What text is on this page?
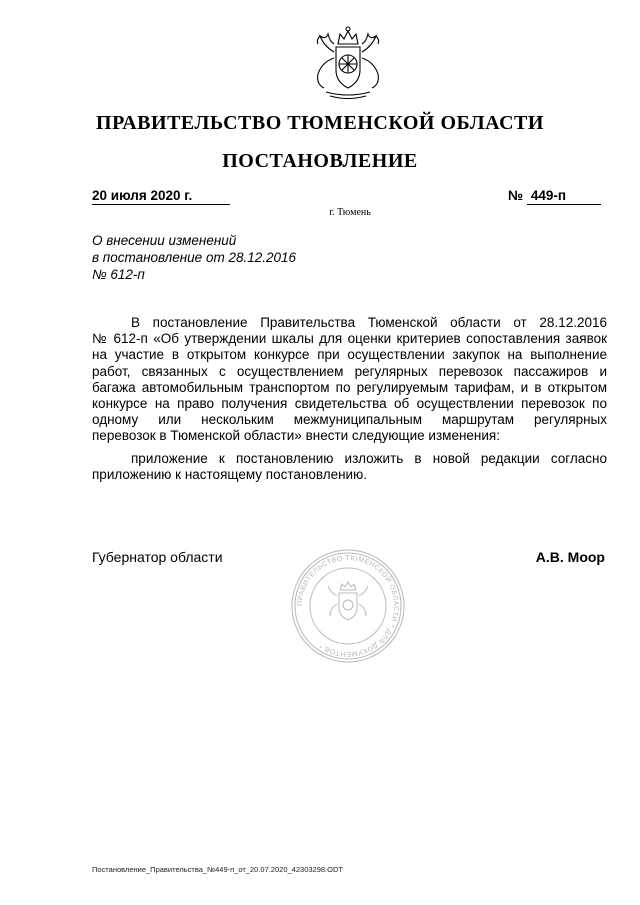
ПРАВИТЕЛЬСТВО ТЮМЕНСКОЙ ОБЛАСТИ
ПОСТАНОВЛЕНИЕ
20 июля 2020 г.	№ 449-п
г. Тюмень
О внесении изменений
в постановление от 28.12.2016
№ 612-п
В постановление Правительства Тюменской области от 28.12.2016
№ 612-п «Об утверждении шкалы для оценки критериев сопоставления заявок
на участие в открытом конкурсе при осуществлении закупок на выполнение
работ, связанных с осуществлением регулярных перевозок пассажиров и
багажа автомобильным транспортом по регулируемым тарифам, и в открытом
конкурсе на право получения свидетельства об осуществлении перевозок по
одному или нескольким межмуниципальным маршрутам регулярных
перевозок в Тюменской области» внести следующие изменения:
приложение к постановлению изложить в новой редакции согласно
приложению к настоящему постановлению.
Губернатор области	А.В. Моор
ПРАВИТЕЛЬСТВО ТЮМЕНСКОЙ ОБЛАСТИ * ДЛЯ ДОКУМЕНТОВ *
Постановление_Правительства_№449-п_от_20.07.2020_42303298.ODT
